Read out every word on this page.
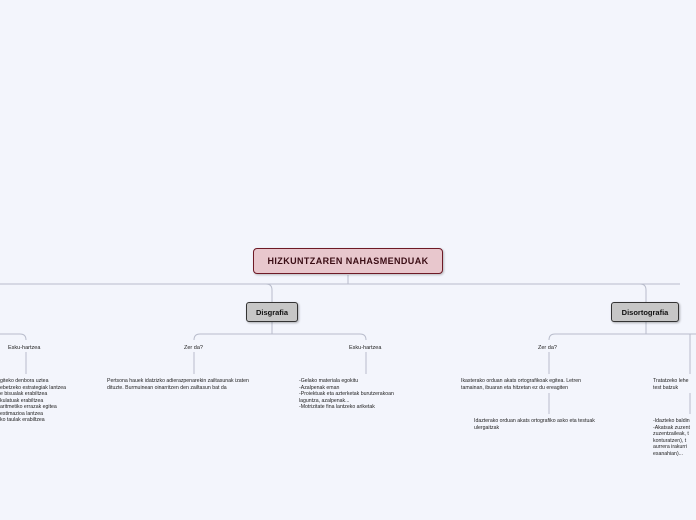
HIZKUNTZAREN NAHASMENDUAK
Disgrafia	Disortografia
Zer da?
Pertsona hauek idatzizko adierazpenarekin zailtasunak izaten
dituzte. Burmuinean oinarritzen den zailtasun bat da
Esku-hartzea
-Gelako materiala egokitu
-Azalpenak eman
-Proiektuak eta azterketak burutzerakoan
laguntza, azalpenak...
-Motrizitate fina lantzeko ariketak
Esku-hartzea
gitekо denbora uztea
ebetzeko estrategiak lantzea
e bisualak erabiltzea
kulatuak erabiltzea
aritmetiko errazak egitea
estimazioa lantzea
ko taulak erabiltzea
Zer da?
Ikasterako orduan akats ortografikoak egitea. Letren
tamainan, ibuaran eta hitzetan ez du ereagiten
Idazterako orduan akats ortografiko asko eta testuak
ulergaitzak
Tratatzeko lehe
test batzuk
-Idazteko baldin
-Akatsak zuzent
zuzentzaileak, t
konturatzen), t
aurrera irakurri
esanahian)...
